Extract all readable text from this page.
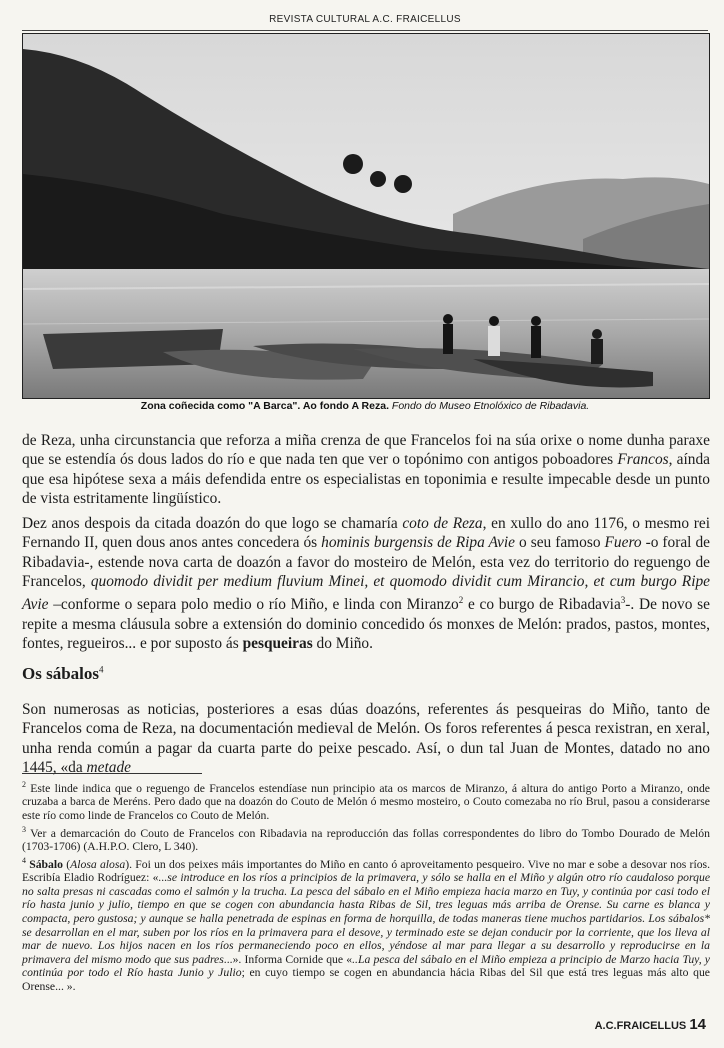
REVISTA CULTURAL A.C. FRAICELLUS
Zona coñecida como "A Barca". Ao fondo A Reza. Fondo do Museo Etnolóxico de Ribadavia.
de Reza, unha circunstancia que reforza a miña crenza de que Francelos foi na súa orixe o nome dunha paraxe que se estendía ós dous lados do río e que nada ten que ver o topónimo con antigos poboadores Francos, aínda que esa hipótese sexa a máis defendida entre os especialistas en toponimia e resulte impecable desde un punto de vista estritamente lingüístico.
Dez anos despois da citada doazón do que logo se chamaría coto de Reza, en xullo do ano 1176, o mesmo rei Fernando II, quen dous anos antes concedera ós hominis burgensis de Ripa Avie o seu famoso Fuero -o foral de Ribadavia-, estende nova carta de doazón a favor do mosteiro de Melón, esta vez do territorio do reguengo de Francelos, quomodo dividit per medium fluvium Minei, et quomodo dividit cum Mirancio, et cum burgo Ripe Avie –conforme o separa polo medio o río Miño, e linda con Miranzo$^2$ e co burgo de Ribadavia$^3$-. De novo se repite a mesma cláusula sobre a extensión do dominio concedido ós monxes de Melón: prados, pastos, montes, fontes, regueiros... e por suposto ás pesqueiras do Miño.
Os sábalos$^4$
Son numerosas as noticias, posteriores a esas dúas doazóns, referentes ás pesqueiras do Miño, tanto de Francelos coma de Reza, na documentación medieval de Melón. Os foros referentes á pesca rexistran, en xeral, unha renda común a pagar da cuarta parte do peixe pescado. Así, o dun tal Juan de Montes, datado no ano 1445, «da metade

$^2$ Este linde indica que o reguengo de Francelos estendíase nun principio ata os marcos de Miranzo, á altura do antigo Porto a Miranzo, onde cruzaba a barca de Meréns. Pero dado que na doazón do Couto de Melón ó mesmo mosteiro, o Couto comezaba no río Brul, pasou a considerarse este río como linde de Francelos co Couto de Melón.

$^3$ Ver a demarcación do Couto de Francelos con Ribadavia na reproducción das follas correspondentes do libro do Tombo Dourado de Melón (1703-1706) (A.H.P.O. Clero, L 340).

$^4$ Sábalo (Alosa alosa). Foi un dos peixes máis importantes do Miño en canto ó aproveitamento pesqueiro. Vive no mar e sobe a desovar nos ríos. Escribía Eladio Rodríguez: «...se introduce en los ríos a principios de la primavera, y sólo se halla en el Miño y algún otro río caudaloso porque no salta presas ni cascadas como el salmón y la trucha. La pesca del sábalo en el Miño empieza hacia marzo en Tuy, y continúa por casi todo el río hasta junio y julio, tiempo en que se cogen con abundancia hasta Ribas de Sil, tres leguas más arriba de Orense. Su carne es blanca y compacta, pero gustosa; y aunque se halla penetrada de espinas en forma de horquilla, de todas maneras tiene muchos partidarios. Los sábalos* se desarrollan en el mar, suben por los ríos en la primavera para el desove, y terminado este se dejan conducir por la corriente, que los lleva al mar de nuevo. Los hijos nacen en los ríos permaneciendo poco en ellos, yéndose al mar para llegar a su desarrollo y reproducirse en la primavera del mismo modo que sus padres...». Informa Cornide que «..La pesca del sábalo en el Miño empieza a principio de Marzo hacia Tuy, y continúa por todo el Río hasta Junio y Julio; en cuyo tiempo se cogen en abundancia hácia Ribas del Sil que está tres leguas más alto que Orense... ».

A.C.FRAICELLUS 14
